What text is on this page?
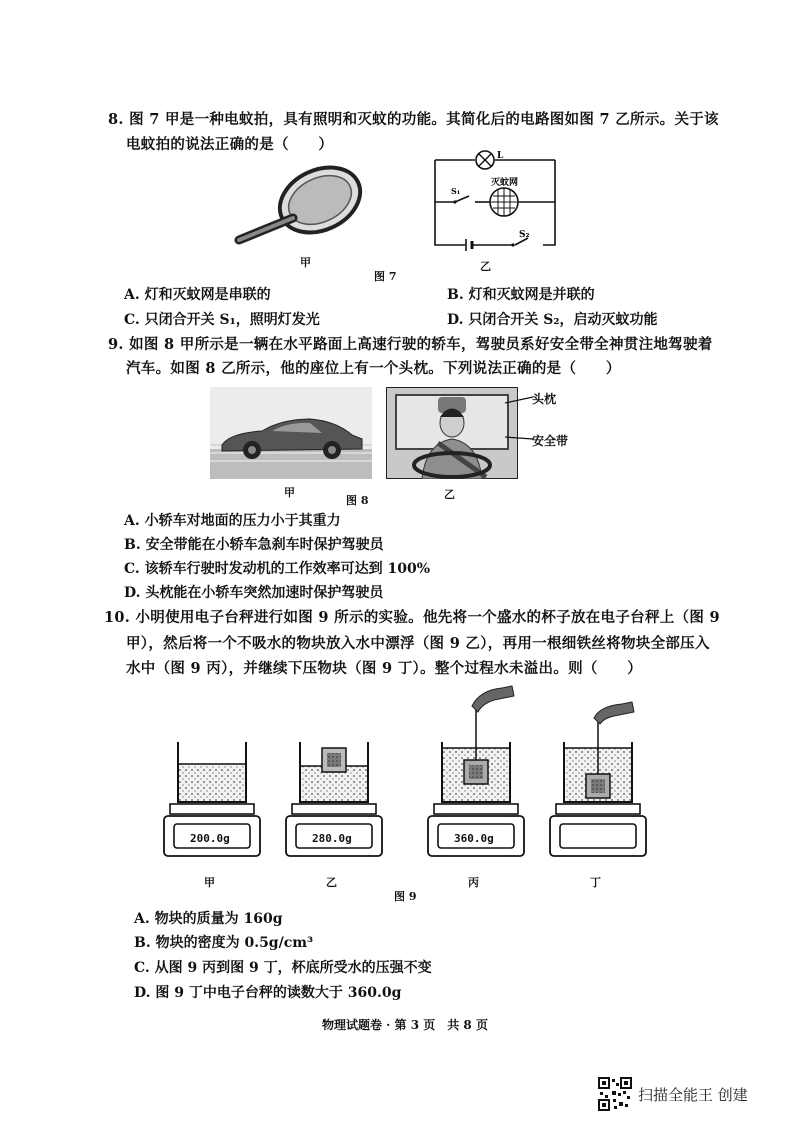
8. 图 7 甲是一种电蚊拍，具有照明和灭蚊的功能。其简化后的电路图如图 7 乙所示。关于该
电蚊拍的说法正确的是（　　）
甲
图 7
乙
L
灭蚊网
S₁
S₂
A. 灯和灭蚊网是串联的	B. 灯和灭蚊网是并联的
C. 只闭合开关 S₁，照明灯发光	D. 只闭合开关 S₂，启动灭蚊功能
9. 如图 8 甲所示是一辆在水平路面上高速行驶的轿车，驾驶员系好安全带全神贯注地驾驶着
汽车。如图 8 乙所示，他的座位上有一个头枕。下列说法正确的是（　　）
头枕
安全带
甲
图 8	乙
A. 小轿车对地面的压力小于其重力
B. 安全带能在小轿车急刹车时保护驾驶员
C. 该轿车行驶时发动机的工作效率可达到 100%
D. 头枕能在小轿车突然加速时保护驾驶员
10. 小明使用电子台秤进行如图 9 所示的实验。他先将一个盛水的杯子放在电子台秤上（图 9
甲），然后将一个不吸水的物块放入水中漂浮（图 9 乙），再用一根细铁丝将物块全部压入
水中（图 9 丙），并继续下压物块（图 9 丁）。整个过程水未溢出。则（　　）
200.0g	280.0g	360.0g
甲	乙	丙	丁
图 9
A. 物块的质量为 160g
B. 物块的密度为 0.5g/cm³
C. 从图 9 丙到图 9 丁，杯底所受水的压强不变
D. 图 9 丁中电子台秤的读数大于 360.0g
物理试题卷 · 第 3 页　共 8 页
扫描全能王 创建
